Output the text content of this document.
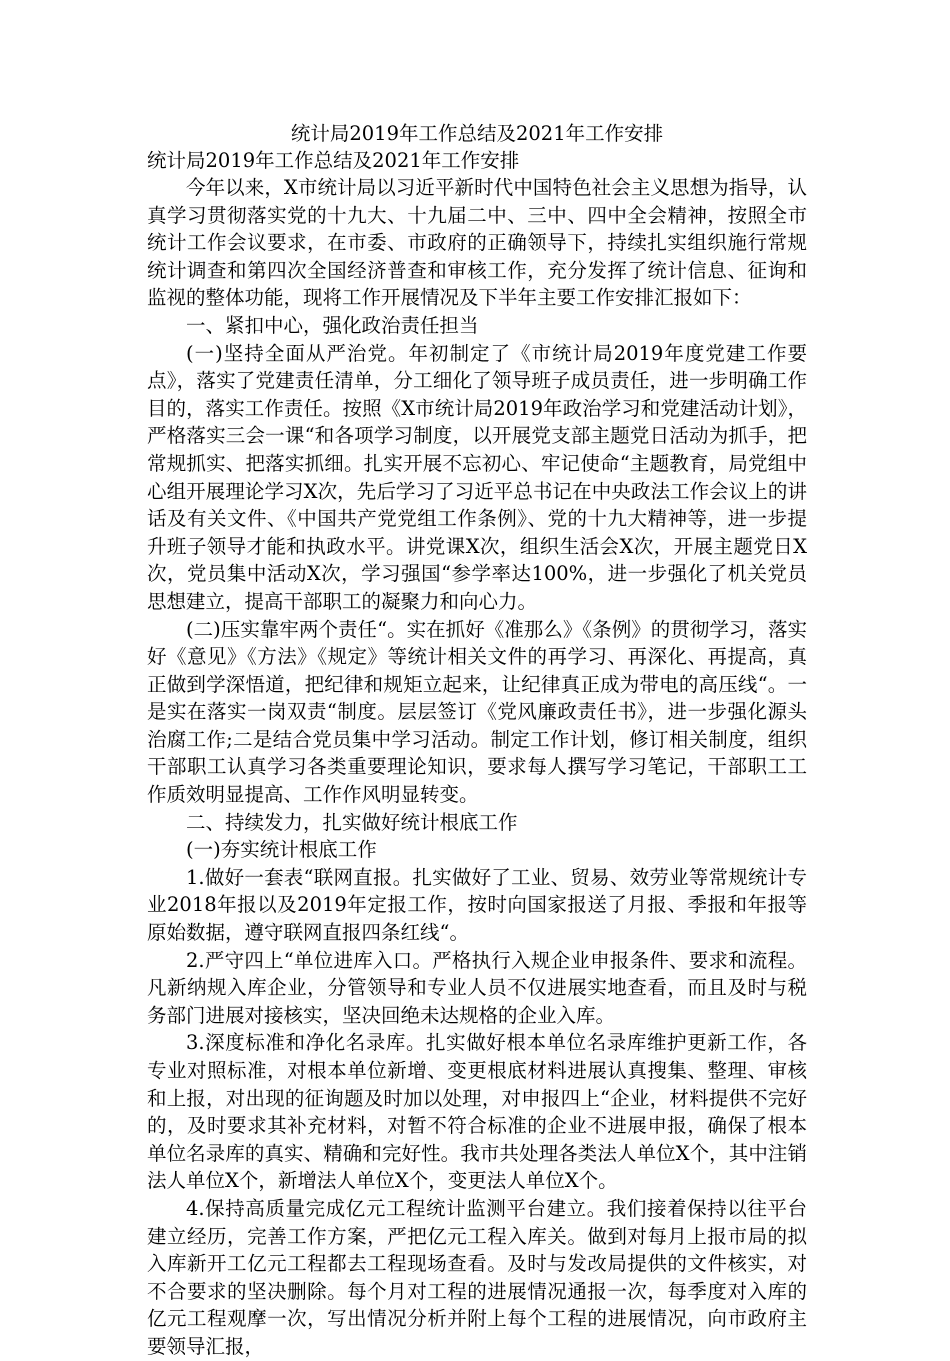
统计局2019年工作总结及2021年工作安排
统计局2019年工作总结及2021年工作安排

今年以来，X市统计局以习近平新时代中国特色社会主义思想为指导，认真学习贯彻落实党的十九大、十九届二中、三中、四中全会精神，按照全市统计工作会议要求，在市委、市政府的正确领导下，持续扎实组织施行常规统计调查和第四次全国经济普查和审核工作，充分发挥了统计信息、征询和监视的整体功能，现将工作开展情况及下半年主要工作安排汇报如下：

一、紧扣中心，强化政治责任担当

(一)坚持全面从严治党。年初制定了《市统计局2019年度党建工作要点》，落实了党建责任清单，分工细化了领导班子成员责任，进一步明确工作目的，落实工作责任。按照《X市统计局2019年政治学习和党建活动计划》，严格落实三会一课“和各项学习制度，以开展党支部主题党日活动为抓手，把常规抓实、把落实抓细。扎实开展不忘初心、牢记使命“主题教育，局党组中心组开展理论学习X次，先后学习了习近平总书记在中央政法工作会议上的讲话及有关文件、《中国共产党党组工作条例》、党的十九大精神等，进一步提升班子领导才能和执政水平。讲党课X次，组织生活会X次，开展主题党日X次，党员集中活动X次，学习强国“参学率达100%，进一步强化了机关党员思想建立，提高干部职工的凝聚力和向心力。

(二)压实靠牢两个责任“。实在抓好《准那么》《条例》的贯彻学习，落实好《意见》《方法》《规定》等统计相关文件的再学习、再深化、再提高，真正做到学深悟道，把纪律和规矩立起来，让纪律真正成为带电的高压线“。一是实在落实一岗双责“制度。层层签订《党风廉政责任书》，进一步强化源头治腐工作;二是结合党员集中学习活动。制定工作计划，修订相关制度，组织干部职工认真学习各类重要理论知识，要求每人撰写学习笔记，干部职工工作质效明显提高、工作作风明显转变。

二、持续发力，扎实做好统计根底工作

(一)夯实统计根底工作

1.做好一套表“联网直报。扎实做好了工业、贸易、效劳业等常规统计专业2018年报以及2019年定报工作，按时向国家报送了月报、季报和年报等原始数据，遵守联网直报四条红线“。

2.严守四上“单位进库入口。严格执行入规企业申报条件、要求和流程。凡新纳规入库企业，分管领导和专业人员不仅进展实地查看，而且及时与税务部门进展对接核实，坚决回绝未达规格的企业入库。

3.深度标准和净化名录库。扎实做好根本单位名录库维护更新工作，各专业对照标准，对根本单位新增、变更根底材料进展认真搜集、整理、审核和上报，对出现的征询题及时加以处理，对申报四上“企业，材料提供不完好的，及时要求其补充材料，对暂不符合标准的企业不进展申报，确保了根本单位名录库的真实、精确和完好性。我市共处理各类法人单位X个，其中注销法人单位X个，新增法人单位X个，变更法人单位X个。

4.保持高质量完成亿元工程统计监测平台建立。我们接着保持以往平台建立经历，完善工作方案，严把亿元工程入库关。做到对每月上报市局的拟入库新开工亿元工程都去工程现场查看。及时与发改局提供的文件核实，对不合要求的坚决删除。每个月对工程的进展情况通报一次，每季度对入库的亿元工程观摩一次，写出情况分析并附上每个工程的进展情况，向市政府主要领导汇报，
